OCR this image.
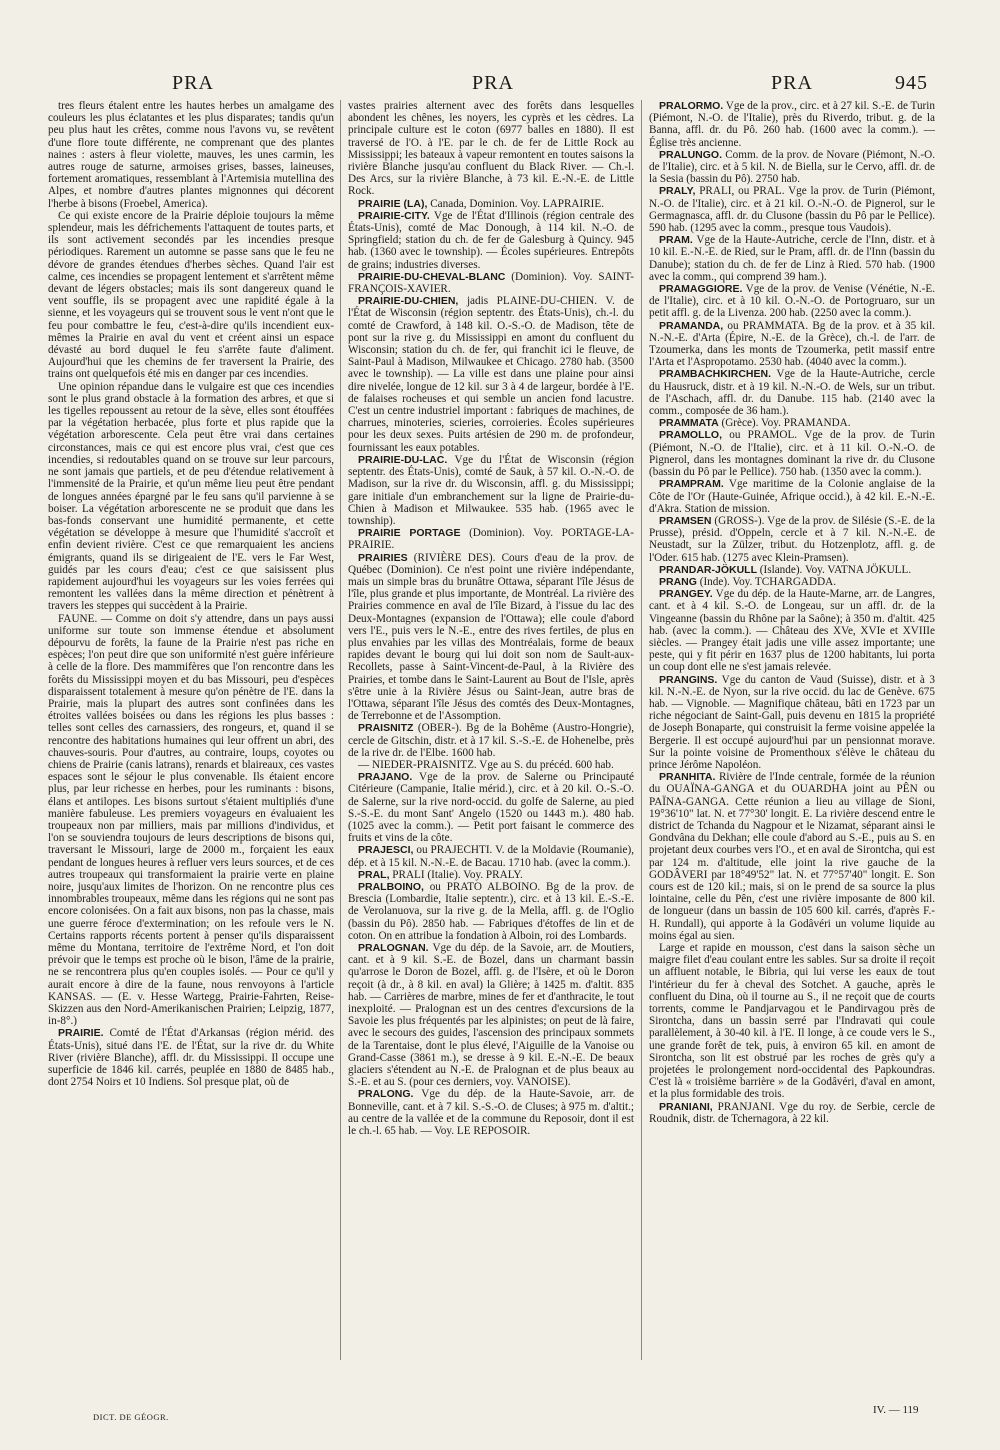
PRA	PRA	PRA	945

tres fleurs étalent entre les hautes herbes un amalgame des couleurs les plus éclatantes et les plus disparates; tandis qu'un peu plus haut les crêtes, comme nous l'avons vu, se revêtent d'une flore toute différente, ne comprenant que des plantes naines : asters à fleur violette, mauves, les unes carmin, les autres rouge de saturne, armoises grises, basses, laineuses, fortement aromatiques, ressemblant à l'Artemisia mutellina des Alpes, et nombre d'autres plantes mignonnes qui décorent l'herbe à bisons (Froebel, America).

Ce qui existe encore de la Prairie déploie toujours la même splendeur, mais les défrichements l'attaquent de toutes parts, et ils sont activement secondés par les incendies presque périodiques. Rarement un automne se passe sans que le feu ne dévore de grandes étendues d'herbes sèches. Quand l'air est calme, ces incendies se propagent lentement et s'arrêtent même devant de légers obstacles; mais ils sont dangereux quand le vent souffle, ils se propagent avec une rapidité égale à la sienne, et les voyageurs qui se trouvent sous le vent n'ont que le feu pour combattre le feu, c'est-à-dire qu'ils incendient eux-mêmes la Prairie en aval du vent et créent ainsi un espace dévasté au bord duquel le feu s'arrête faute d'aliment. Aujourd'hui que les chemins de fer traversent la Prairie, des trains ont quelquefois été mis en danger par ces incendies.

Une opinion répandue dans le vulgaire est que ces incendies sont le plus grand obstacle à la formation des arbres, et que si les tigelles repoussent au retour de la sève, elles sont étouffées par la végétation herbacée, plus forte et plus rapide que la végétation arborescente. Cela peut être vrai dans certaines circonstances, mais ce qui est encore plus vrai, c'est que ces incendies, si redoutables quand on se trouve sur leur parcours, ne sont jamais que partiels, et de peu d'étendue relativement à l'immensité de la Prairie, et qu'un même lieu peut être pendant de longues années épargné par le feu sans qu'il parvienne à se boiser. La végétation arborescente ne se produit que dans les bas-fonds conservant une humidité permanente, et cette végétation se développe à mesure que l'humidité s'accroît et enfin devient rivière. C'est ce que remarquaient les anciens émigrants, quand ils se dirigeaient de l'E. vers le Far West, guidés par les cours d'eau; c'est ce que saisissent plus rapidement aujourd'hui les voyageurs sur les voies ferrées qui remontent les vallées dans la même direction et pénètrent à travers les steppes qui succèdent à la Prairie.

FAUNE. — Comme on doit s'y attendre, dans un pays aussi uniforme sur toute son immense étendue et absolument dépourvu de forêts, la faune de la Prairie n'est pas riche en espèces; l'on peut dire que son uniformité n'est guère inférieure à celle de la flore. Des mammifères que l'on rencontre dans les forêts du Mississippi moyen et du bas Missouri, peu d'espèces disparaissent totalement à mesure qu'on pénètre de l'E. dans la Prairie, mais la plupart des autres sont confinées dans les étroites vallées boisées ou dans les régions les plus basses : telles sont celles des carnassiers, des rongeurs, et, quand il se rencontre des habitations humaines qui leur offrent un abri, des chauves-souris. Pour d'autres, au contraire, loups, coyotes ou chiens de Prairie (canis latrans), renards et blaireaux, ces vastes espaces sont le séjour le plus convenable. Ils étaient encore plus, par leur richesse en herbes, pour les ruminants : bisons, élans et antilopes. Les bisons surtout s'étaient multipliés d'une manière fabuleuse. Les premiers voyageurs en évaluaient les troupeaux non par milliers, mais par millions d'individus, et l'on se souviendra toujours de leurs descriptions de bisons qui, traversant le Missouri, large de 2000 m., forçaient les eaux pendant de longues heures à refluer vers leurs sources, et de ces autres troupeaux qui transformaient la prairie verte en plaine noire, jusqu'aux limites de l'horizon. On ne rencontre plus ces innombrables troupeaux, même dans les régions qui ne sont pas encore colonisées. On a fait aux bisons, non pas la chasse, mais une guerre féroce d'extermination; on les refoule vers le N. Certains rapports récents portent à penser qu'ils disparaissent même du Montana, territoire de l'extrême Nord, et l'on doit prévoir que le temps est proche où le bison, l'âme de la prairie, ne se rencontrera plus qu'en couples isolés. — Pour ce qu'il y aurait encore à dire de la faune, nous renvoyons à l'article KANSAS. — (E. v. Hesse Wartegg, Prairie-Fahrten, Reise-Skizzen aus den Nord-Amerikanischen Prairien; Leipzig, 1877, in-8°.)

PRAIRIE. Comté de l'État d'Arkansas (région mérid. des États-Unis), situé dans l'E. de l'État, sur la rive dr. du White River (rivière Blanche), affl. dr. du Mississippi. Il occupe une superficie de 1846 kil. carrés, peuplée en 1880 de 8485 hab., dont 2754 Noirs et 10 Indiens. Sol presque plat, où de

vastes prairies alternent avec des forêts dans lesquelles abondent les chênes, les noyers, les cyprès et les cèdres. La principale culture est le coton (6977 balles en 1880). Il est traversé de l'O. à l'E. par le ch. de fer de Little Rock au Mississippi; les bateaux à vapeur remontent en toutes saisons la rivière Blanche jusqu'au confluent du Black River. — Ch.-l. Des Arcs, sur la rivière Blanche, à 73 kil. E.-N.-E. de Little Rock.

PRAIRIE (LA), Canada, Dominion. Voy. LAPRAIRIE.

PRAIRIE-CITY. Vge de l'État d'Illinois (région centrale des États-Unis), comté de Mac Donough, à 114 kil. N.-O. de Springfield; station du ch. de fer de Galesburg à Quincy. 945 hab. (1360 avec le township). — Écoles supérieures. Entrepôts de grains; industries diverses.

PRAIRIE-DU-CHEVAL-BLANC (Dominion). Voy. SAINT-FRANÇOIS-XAVIER.

PRAIRIE-DU-CHIEN, jadis PLAINE-DU-CHIEN. V. de l'État de Wisconsin (région septentr. des États-Unis), ch.-l. du comté de Crawford, à 148 kil. O.-S.-O. de Madison, tête de pont sur la rive g. du Mississippi en amont du confluent du Wisconsin; station du ch. de fer, qui franchit ici le fleuve, de Saint-Paul à Madison, Milwaukee et Chicago. 2780 hab. (3500 avec le township). — La ville est dans une plaine pour ainsi dire nivelée, longue de 12 kil. sur 3 à 4 de largeur, bordée à l'E. de falaises rocheuses et qui semble un ancien fond lacustre. C'est un centre industriel important : fabriques de machines, de charrues, minoteries, scieries, corroieries. Écoles supérieures pour les deux sexes. Puits artésien de 290 m. de profondeur, fournissant les eaux potables.

PRAIRIE-DU-LAC. Vge du l'État de Wisconsin (région septentr. des États-Unis), comté de Sauk, à 57 kil. O.-N.-O. de Madison, sur la rive dr. du Wisconsin, affl. g. du Mississippi; gare initiale d'un embranchement sur la ligne de Prairie-du-Chien à Madison et Milwaukee. 535 hab. (1965 avec le township).

PRAIRIE PORTAGE (Dominion). Voy. PORTAGE-LA-PRAIRIE.

PRAIRIES (RIVIÈRE DES). Cours d'eau de la prov. de Québec (Dominion). Ce n'est point une rivière indépendante, mais un simple bras du brunâtre Ottawa, séparant l'île Jésus de l'île, plus grande et plus importante, de Montréal. La rivière des Prairies commence en aval de l'île Bizard, à l'issue du lac des Deux-Montagnes (expansion de l'Ottawa); elle coule d'abord vers l'E., puis vers le N.-E., entre des rives fertiles, de plus en plus envahies par les villas des Montréalais, forme de beaux rapides devant le bourg qui lui doit son nom de Sault-aux-Recollets, passe à Saint-Vincent-de-Paul, à la Rivière des Prairies, et tombe dans le Saint-Laurent au Bout de l'Isle, après s'être unie à la Rivière Jésus ou Saint-Jean, autre bras de l'Ottawa, séparant l'île Jésus des comtés des Deux-Montagnes, de Terrebonne et de l'Assomption.

PRAISNITZ (OBER-). Bg de la Bohême (Austro-Hongrie), cercle de Gitschin, distr. et à 17 kil. S.-S.-E. de Hohenelbe, près de la rive dr. de l'Elbe. 1600 hab.

— NIEDER-PRAISNITZ. Vge au S. du précéd. 600 hab.

PRAJANO. Vge de la prov. de Salerne ou Principauté Citérieure (Campanie, Italie mérid.), circ. et à 20 kil. O.-S.-O. de Salerne, sur la rive nord-occid. du golfe de Salerne, au pied S.-S.-E. du mont Sant' Angelo (1520 ou 1443 m.). 480 hab. (1025 avec la comm.). — Petit port faisant le commerce des fruits et vins de la côte.

PRAJESCI, ou PRAJECHTI. V. de la Moldavie (Roumanie), dép. et à 15 kil. N.-N.-E. de Bacau. 1710 hab. (avec la comm.).

PRAL, PRALI (Italie). Voy. PRALY.

PRALBOINO, ou PRATO ALBOINO. Bg de la prov. de Brescia (Lombardie, Italie septentr.), circ. et à 13 kil. E.-S.-E. de Verolanuova, sur la rive g. de la Mella, affl. g. de l'Oglio (bassin du Pô). 2850 hab. — Fabriques d'étoffes de lin et de coton. On en attribue la fondation à Alboin, roi des Lombards.

PRALOGNAN. Vge du dép. de la Savoie, arr. de Moutiers, cant. et à 9 kil. S.-E. de Bozel, dans un charmant bassin qu'arrose le Doron de Bozel, affl. g. de l'Isère, et où le Doron reçoit (à dr., à 8 kil. en aval) la Glière; à 1425 m. d'altit. 835 hab. — Carrières de marbre, mines de fer et d'anthracite, le tout inexploité. — Pralognan est un des centres d'excursions de la Savoie les plus fréquentés par les alpinistes; on peut de là faire, avec le secours des guides, l'ascension des principaux sommets de la Tarentaise, dont le plus élevé, l'Aiguille de la Vanoise ou Grand-Casse (3861 m.), se dresse à 9 kil. E.-N.-E. De beaux glaciers s'étendent au N.-E. de Pralognan et de plus beaux au S.-E. et au S. (pour ces derniers, voy. VANOISE).

PRALONG. Vge du dép. de la Haute-Savoie, arr. de Bonneville, cant. et à 7 kil. S.-S.-O. de Cluses; à 975 m. d'altit.; au centre de la vallée et de la commune du Reposoir, dont il est le ch.-l. 65 hab. — Voy. LE REPOSOIR.

PRALORMO. Vge de la prov., circ. et à 27 kil. S.-E. de Turin (Piémont, N.-O. de l'Italie), près du Riverdo, tribut. g. de la Banna, affl. dr. du Pô. 260 hab. (1600 avec la comm.). — Église très ancienne.

PRALUNGO. Comm. de la prov. de Novare (Piémont, N.-O. de l'Italie), circ. et à 5 kil. N. de Biella, sur le Cervo, affl. dr. de la Sesia (bassin du Pô). 2750 hab.

PRALY, PRALI, ou PRAL. Vge la prov. de Turin (Piémont, N.-O. de l'Italie), circ. et à 21 kil. O.-N.-O. de Pignerol, sur le Germagnasca, affl. dr. du Clusone (bassin du Pô par le Pellice). 590 hab. (1295 avec la comm., presque tous Vaudois).

PRAM. Vge de la Haute-Autriche, cercle de l'Inn, distr. et à 10 kil. E.-N.-E. de Ried, sur le Pram, affl. dr. de l'Inn (bassin du Danube); station du ch. de fer de Linz à Ried. 570 hab. (1900 avec la comm., qui comprend 39 ham.).

PRAMAGGIORE. Vge de la prov. de Venise (Vénétie, N.-E. de l'Italie), circ. et à 10 kil. O.-N.-O. de Portogruaro, sur un petit affl. g. de la Livenza. 200 hab. (2250 avec la comm.).

PRAMANDA, ou PRAMMATA. Bg de la prov. et à 35 kil. N.-N.-E. d'Arta (Épire, N.-E. de la Grèce), ch.-l. de l'arr. de Tzoumerka, dans les monts de Tzoumerka, petit massif entre l'Arta et l'Aspropotamo. 2530 hab. (4040 avec la comm.).

PRAMBACHKIRCHEN. Vge de la Haute-Autriche, cercle du Hausruck, distr. et à 19 kil. N.-N.-O. de Wels, sur un tribut. de l'Aschach, affl. dr. du Danube. 115 hab. (2140 avec la comm., composée de 36 ham.).

PRAMMATA (Grèce). Voy. PRAMANDA.

PRAMOLLO, ou PRAMOL. Vge de la prov. de Turin (Piémont, N.-O. de l'Italie), circ. et à 11 kil. O.-N.-O. de Pignerol, dans les montagnes dominant la rive dr. du Clusone (bassin du Pô par le Pellice). 750 hab. (1350 avec la comm.).

PRAMPRAM. Vge maritime de la Colonie anglaise de la Côte de l'Or (Haute-Guinée, Afrique occid.), à 42 kil. E.-N.-E. d'Akra. Station de mission.

PRAMSEN (GROSS-). Vge de la prov. de Silésie (S.-E. de la Prusse), présid. d'Oppeln, cercle et à 7 kil. N.-N.-E. de Neustadt, sur la Zülzer, tribut. du Hotzenplotz, affl. g. de l'Oder. 615 hab. (1275 avec Klein-Pramsen).

PRANDAR-JÖKULL (Islande). Voy. VATNA JÖKULL.

PRANG (Inde). Voy. TCHARGADDA.

PRANGEY. Vge du dép. de la Haute-Marne, arr. de Langres, cant. et à 4 kil. S.-O. de Longeau, sur un affl. dr. de la Vingeanne (bassin du Rhône par la Saône); à 350 m. d'altit. 425 hab. (avec la comm.). — Château des XVe, XVIe et XVIIIe siècles. — Prangey était jadis une ville assez importante; une peste, qui y fit périr en 1637 plus de 1200 habitants, lui porta un coup dont elle ne s'est jamais relevée.

PRANGINS. Vge du canton de Vaud (Suisse), distr. et à 3 kil. N.-N.-E. de Nyon, sur la rive occid. du lac de Genève. 675 hab. — Vignoble. — Magnifique château, bâti en 1723 par un riche négociant de Saint-Gall, puis devenu en 1815 la propriété de Joseph Bonaparte, qui construisit la ferme voisine appelée la Bergerie. Il est occupé aujourd'hui par un pensionnat morave. Sur la pointe voisine de Promenthoux s'élève le château du prince Jérôme Napoléon.

PRANHITA. Rivière de l'Inde centrale, formée de la réunion du OUAÏNA-GANGA et du OUARDHA joint au PÊN ou PAÏNA-GANGA. Cette réunion a lieu au village de Sioni, 19°36'10" lat. N. et 77°30' longit. E. La rivière descend entre le district de Tchanda du Nagpour et le Nizamat, séparant ainsi le Gondvâna du Dekhan; elle coule d'abord au S.-E., puis au S. en projetant deux courbes vers l'O., et en aval de Sirontcha, qui est par 124 m. d'altitude, elle joint la rive gauche de la GODÂVERI par 18°49'52" lat. N. et 77°57'40" longit. E. Son cours est de 120 kil.; mais, si on le prend de sa source la plus lointaine, celle du Pên, c'est une rivière imposante de 800 kil. de longueur (dans un bassin de 105 600 kil. carrés, d'après F.-H. Rundall), qui apporte à la Godâvéri un volume liquide au moins égal au sien.

Large et rapide en mousson, c'est dans la saison sèche un maigre filet d'eau coulant entre les sables. Sur sa droite il reçoit un affluent notable, le Bibria, qui lui verse les eaux de tout l'intérieur du fer à cheval des Sotchet. A gauche, après le confluent du Dina, où il tourne au S., il ne reçoit que de courts torrents, comme le Pandjarvagou et le Pandirvagou près de Sirontcha, dans un bassin serré par l'Indravati qui coule parallèlement, à 30-40 kil. à l'E. Il longe, à ce coude vers le S., une grande forêt de tek, puis, à environ 65 kil. en amont de Sirontcha, son lit est obstrué par les roches de grès qu'y a projetées le prolongement nord-occidental des Papkoundras. C'est là « troisième barrière » de la Godâvéri, d'aval en amont, et la plus formidable des trois.

PRANIANI, PRANJANI. Vge du roy. de Serbie, cercle de Roudnik, distr. de Tchernagora, à 22 kil.

DICT. DE GÉOGR.
IV. — 119
